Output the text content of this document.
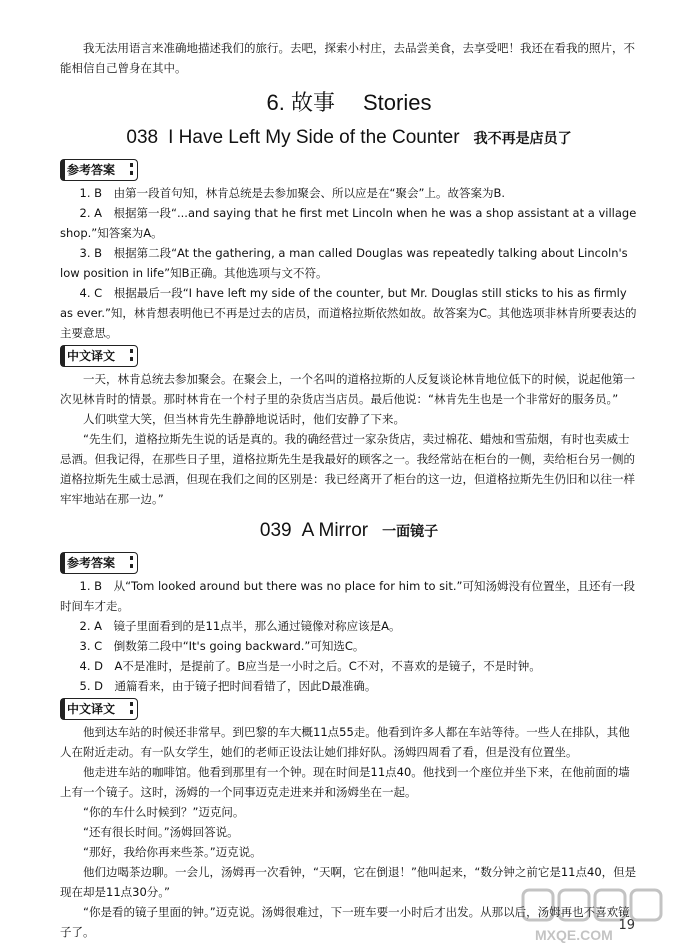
我无法用语言来准确地描述我们的旅行。去吧，探索小村庄，去品尝美食，去享受吧！我还在看我的照片，不能相信自己曾身在其中。

6. 故事 Stories
038 I Have Left My Side of the Counter 我不再是店员了
参考答案

1. B　由第一段首句知，林肯总统是去参加聚会、所以应是在“聚会”上。故答案为B.

2. A　根据第一段“...and saying that he first met Lincoln when he was a shop assistant at a village shop.”知答案为A。

3. B　根据第二段“At the gathering, a man called Douglas was repeatedly talking about Lincoln's low position in life”知B正确。其他选项与文不符。

4. C　根据最后一段“I have left my side of the counter, but Mr. Douglas still sticks to his as firmly as ever.”知，林肯想表明他已不再是过去的店员，而道格拉斯依然如故。故答案为C。其他选项非林肯所要表达的主要意思。

中文译文

一天，林肯总统去参加聚会。在聚会上，一个名叫的道格拉斯的人反复谈论林肯地位低下的时候，说起他第一次见林肯时的情景。那时林肯在一个村子里的杂货店当店员。最后他说：“林肯先生也是一个非常好的服务员。”

人们哄堂大笑，但当林肯先生静静地说话时，他们安静了下来。

“先生们，道格拉斯先生说的话是真的。我的确经营过一家杂货店，卖过棉花、蜡烛和雪茄烟，有时也卖威士忌酒。但我记得，在那些日子里，道格拉斯先生是我最好的顾客之一。我经常站在柜台的一侧，卖给柜台另一侧的道格拉斯先生威士忌酒，但现在我们之间的区别是：我已经离开了柜台的这一边，但道格拉斯先生仍旧和以往一样牢牢地站在那一边。”

039 A Mirror 一面镜子
参考答案

1. B　从“Tom looked around but there was no place for him to sit.”可知汤姆没有位置坐，且还有一段时间车才走。

2. A　镜子里面看到的是11点半，那么通过镜像对称应该是A。

3. C　倒数第二段中“It's going backward.”可知选C。

4. D　A不是准时，是提前了。B应当是一小时之后。C不对，不喜欢的是镜子，不是时钟。

5. D　通篇看来，由于镜子把时间看错了，因此D最准确。

中文译文

他到达车站的时候还非常早。到巴黎的车大概11点55走。他看到许多人都在车站等待。一些人在排队，其他人在附近走动。有一队女学生，她们的老师正设法让她们排好队。汤姆四周看了看，但是没有位置坐。

他走进车站的咖啡馆。他看到那里有一个钟。现在时间是11点40。他找到一个座位并坐下来，在他前面的墙上有一个镜子。这时，汤姆的一个同事迈克走进来并和汤姆坐在一起。

“你的车什么时候到？”迈克问。

“还有很长时间。”汤姆回答说。

“那好，我给你再来些茶。”迈克说。

他们边喝茶边聊。一会儿，汤姆再一次看钟，“天啊，它在倒退！”他叫起来，“数分钟之前它是11点40，但是现在却是11点30分。”

“你是看的镜子里面的钟。”迈克说。汤姆很难过，下一班车要一小时后才出发。从那以后，汤姆再也不喜欢镜子了。	19
MXQE.COM
